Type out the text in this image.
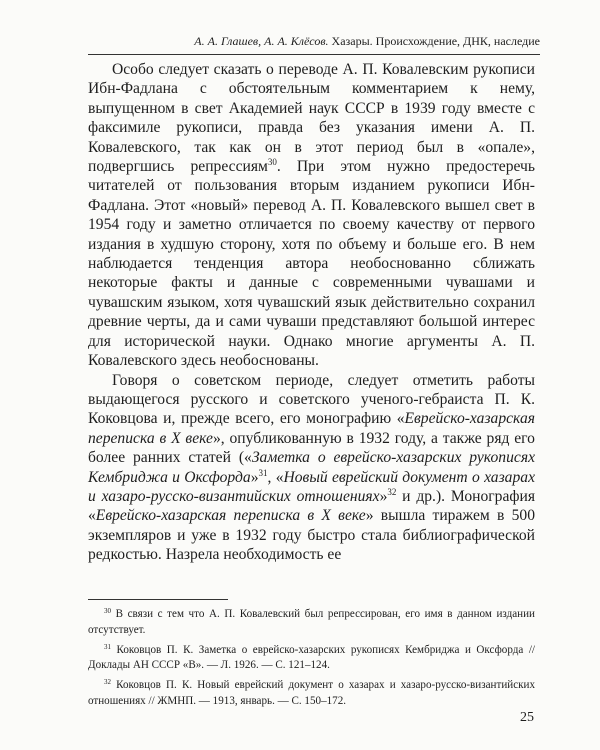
А. А. Глашев, А. А. Клёсов. Хазары. Происхождение, ДНК, наследие

Особо следует сказать о переводе А. П. Ковалевским рукописи Ибн-Фадлана с обстоятельным комментарием к нему, выпущенном в свет Академией наук СССР в 1939 году вместе с факсимиле рукописи, правда без указания имени А. П. Ковалевского, так как он в этот период был в «опале», подвергшись репрессиям$^{30}$. При этом нужно предостеречь читателей от пользования вторым изданием рукописи Ибн-Фадлана. Этот «новый» перевод А. П. Ковалевского вышел свет в 1954 году и заметно отличается по своему качеству от первого издания в худшую сторону, хотя по объему и больше его. В нем наблюдается тенденция автора необоснованно сближать некоторые факты и данные с современными чувашами и чувашским языком, хотя чувашский язык действительно сохранил древние черты, да и сами чуваши представляют большой интерес для исторической науки. Однако многие аргументы А. П. Ковалевского здесь необоснованы.

Говоря о советском периоде, следует отметить работы выдающегося русского и советского ученого-гебраиста П. К. Коковцова и, прежде всего, его монографию «Еврейско-хазарская переписка в X веке», опубликованную в 1932 году, а также ряд его более ранних статей («Заметка о еврейско-хазарских рукописях Кембриджа и Оксфорда»$^{31}$, «Новый еврейский документ о хазарах и хазаро-русско-византийских отношениях»$^{32}$ и др.). Монография «Еврейско-хазарская переписка в X веке» вышла тиражем в 500 экземпляров и уже в 1932 году быстро стала библиографической редкостью. Назрела необходимость ее

$^{30}$ В связи с тем что А. П. Ковалевский был репрессирован, его имя в данном издании отсутствует.

$^{31}$ Коковцов П. К. Заметка о еврейско-хазарских рукописях Кембриджа и Оксфорда // Доклады АН СССР «В». — Л. 1926. — С. 121–124.

$^{32}$ Коковцов П. К. Новый еврейский документ о хазарах и хазаро-русско-византийских отношениях // ЖМНП. — 1913, январь. — С. 150–172.

25
